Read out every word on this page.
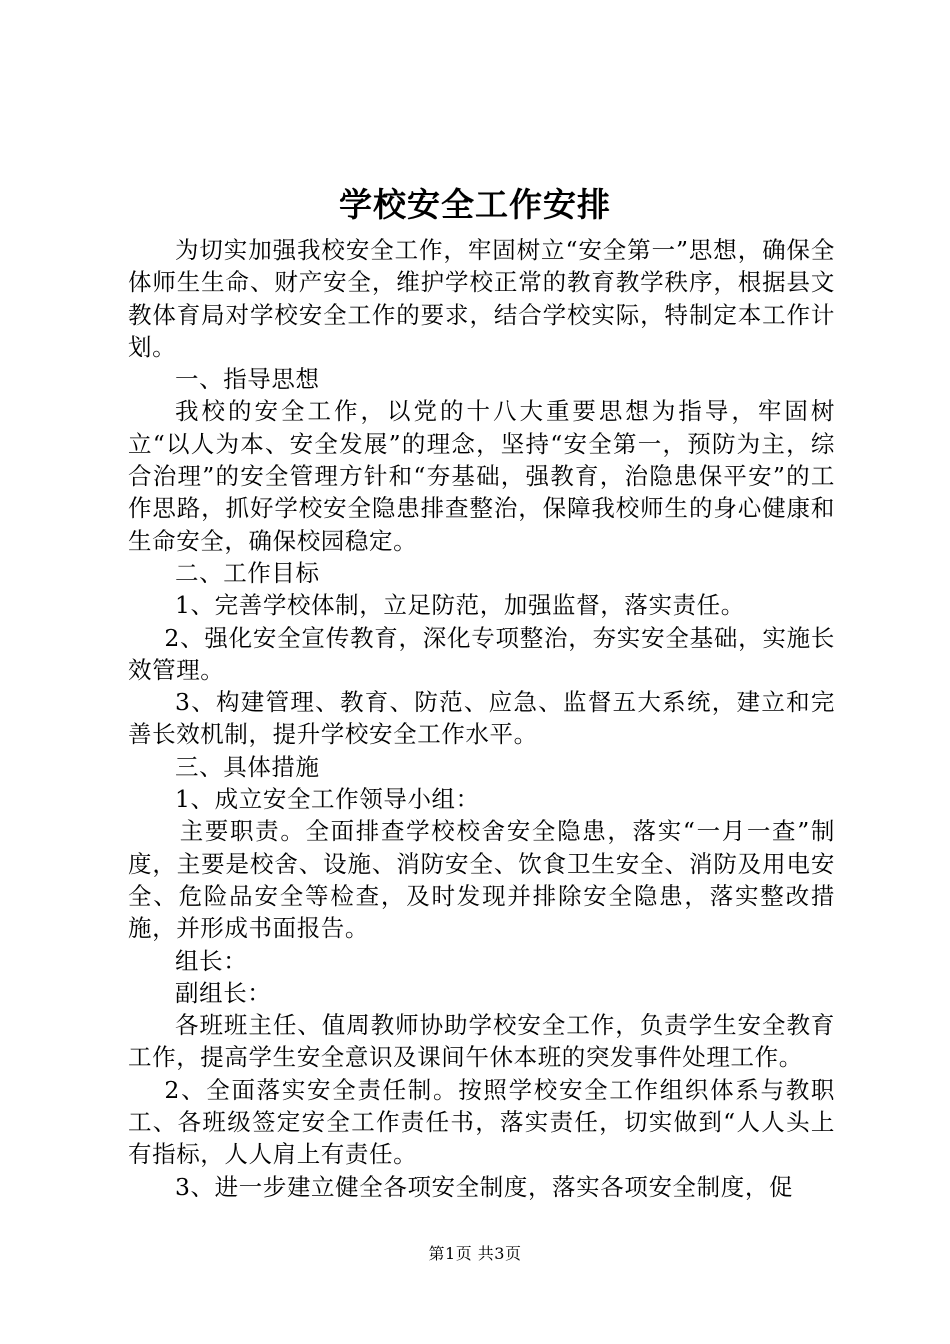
学校安全工作安排

为切实加强我校安全工作，牢固树立“安全第一”思想，确保全体师生生命、财产安全，维护学校正常的教育教学秩序，根据县文教体育局对学校安全工作的要求，结合学校实际，特制定本工作计划。

一、指导思想

我校的安全工作，以党的十八大重要思想为指导，牢固树立“以人为本、安全发展”的理念，坚持“安全第一，预防为主，综合治理”的安全管理方针和“夯基础，强教育，治隐患保平安”的工作思路，抓好学校安全隐患排查整治，保障我校师生的身心健康和生命安全，确保校园稳定。

二、工作目标

1、完善学校体制，立足防范，加强监督，落实责任。

2、强化安全宣传教育，深化专项整治，夯实安全基础，实施长效管理。

3、构建管理、教育、防范、应急、监督五大系统，建立和完善长效机制，提升学校安全工作水平。

三、具体措施

1、成立安全工作领导小组：

主要职责。全面排查学校校舍安全隐患，落实“一月一查”制度，主要是校舍、设施、消防安全、饮食卫生安全、消防及用电安全、危险品安全等检查，及时发现并排除安全隐患，落实整改措施，并形成书面报告。

组长：

副组长：

各班班主任、值周教师协助学校安全工作，负责学生安全教育工作，提高学生安全意识及课间午休本班的突发事件处理工作。

2、全面落实安全责任制。按照学校安全工作组织体系与教职工、各班级签定安全工作责任书，落实责任，切实做到“人人头上有指标，人人肩上有责任。

3、进一步建立健全各项安全制度，落实各项安全制度，促

第1页 共3页
